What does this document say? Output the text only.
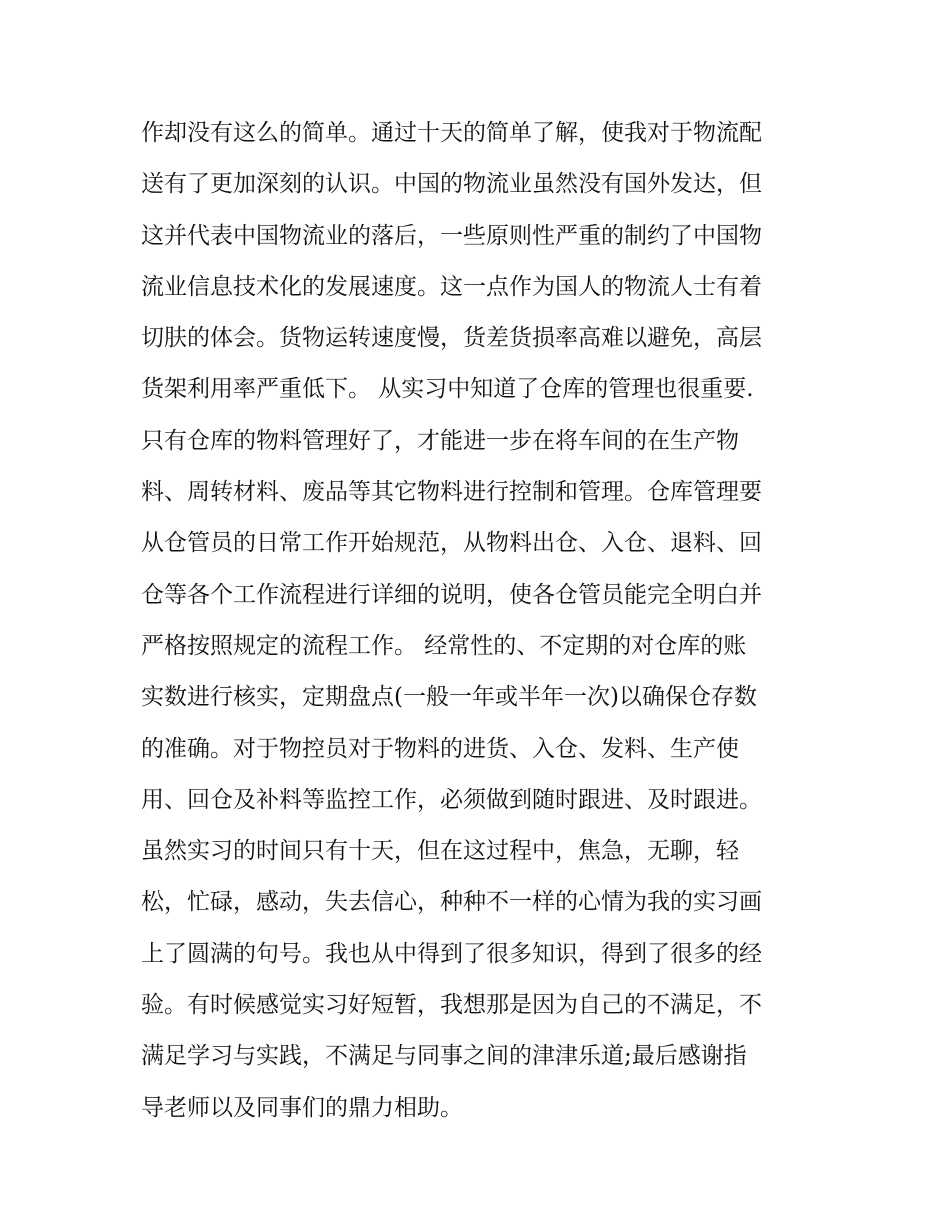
作却没有这么的简单。通过十天的简单了解，使我对于物流配
送有了更加深刻的认识。中国的物流业虽然没有国外发达，但
这并代表中国物流业的落后，一些原则性严重的制约了中国物
流业信息技术化的发展速度。这一点作为国人的物流人士有着
切肤的体会。货物运转速度慢，货差货损率高难以避免，高层
货架利用率严重低下。 从实习中知道了仓库的管理也很重要.
只有仓库的物料管理好了，才能进一步在将车间的在生产物
料、周转材料、废品等其它物料进行控制和管理。仓库管理要
从仓管员的日常工作开始规范，从物料出仓、入仓、退料、回
仓等各个工作流程进行详细的说明，使各仓管员能完全明白并
严格按照规定的流程工作。 经常性的、不定期的对仓库的账
实数进行核实，定期盘点(一般一年或半年一次)以确保仓存数
的准确。对于物控员对于物料的进货、入仓、发料、生产使
用、回仓及补料等监控工作，必须做到随时跟进、及时跟进。
虽然实习的时间只有十天，但在这过程中，焦急，无聊，轻
松，忙碌，感动，失去信心，种种不一样的心情为我的实习画
上了圆满的句号。我也从中得到了很多知识，得到了很多的经
验。有时候感觉实习好短暂，我想那是因为自己的不满足，不
满足学习与实践，不满足与同事之间的津津乐道;最后感谢指
导老师以及同事们的鼎力相助。
